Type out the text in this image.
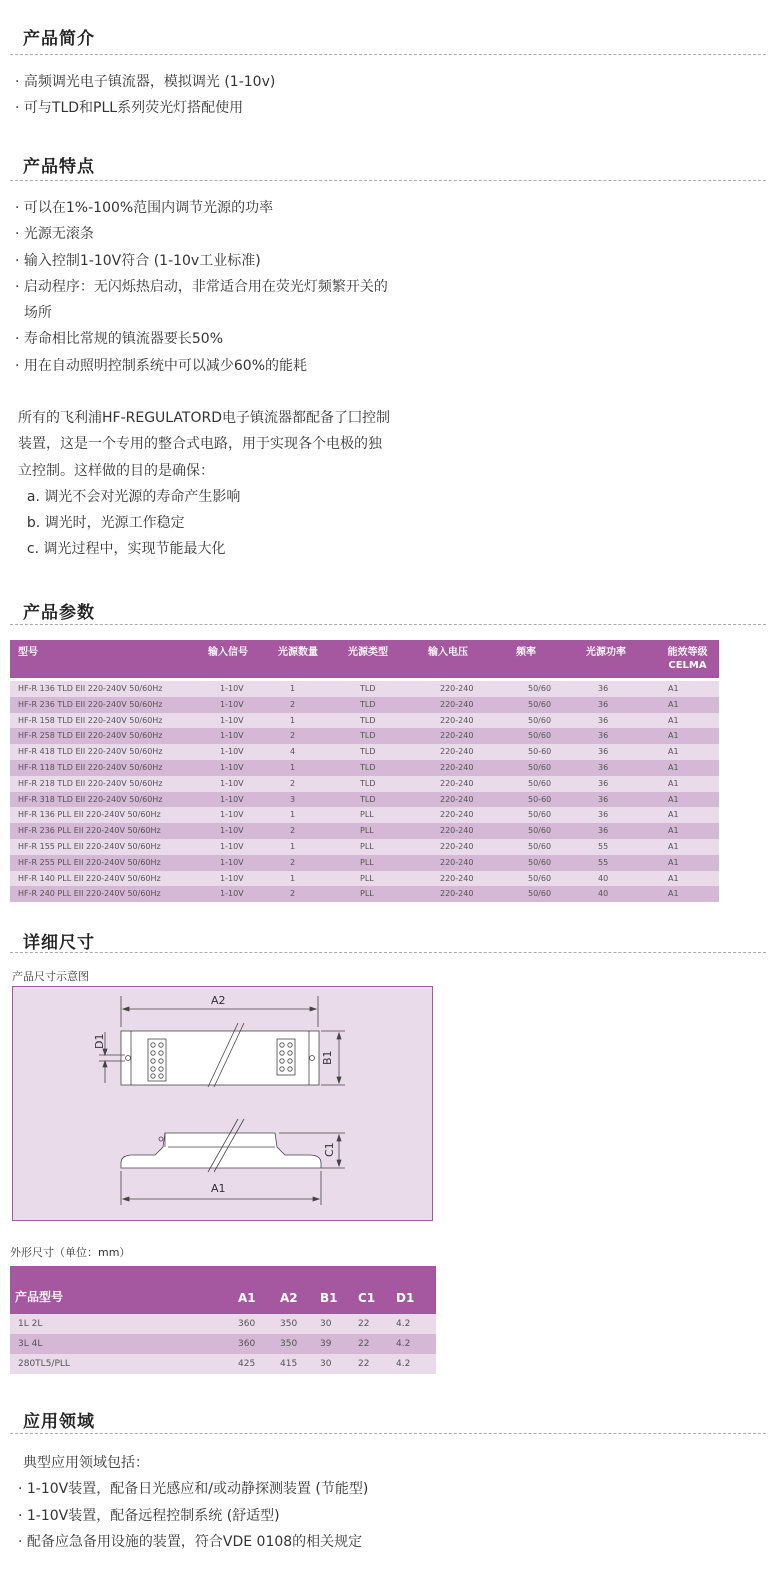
产品简介
· 高频调光电子镇流器，模拟调光 (1-10v)
· 可与TLD和PLL系列荧光灯搭配使用
产品特点
· 可以在1%-100%范围内调节光源的功率
· 光源无滚条
· 输入控制1-10V符合 (1-10v工业标准)
· 启动程序：无闪烁热启动，非常适合用在荧光灯频繁开关的
场所
· 寿命相比常规的镇流器要长50%
· 用在自动照明控制系统中可以减少60%的能耗
所有的飞利浦HF-REGULATORD电子镇流器都配备了囗控制
装置，这是一个专用的整合式电路，用于实现各个电极的独
立控制。这样做的目的是确保：
a. 调光不会对光源的寿命产生影响
b. 调光时，光源工作稳定
c. 调光过程中，实现节能最大化
产品参数
型号	输入信号	光源数量	光源类型	输入电压	频率	光源功率	能效等级
CELMA

HF-R 136 TLD EII 220-240V 50/60Hz	1-10V	1	TLD	220-240	50/60	36	A1
HF-R 236 TLD EII 220-240V 50/60Hz	1-10V	2	TLD	220-240	50/60	36	A1
HF-R 158 TLD EII 220-240V 50/60Hz	1-10V	1	TLD	220-240	50/60	36	A1
HF-R 258 TLD EII 220-240V 50/60Hz	1-10V	2	TLD	220-240	50/60	36	A1
HF-R 418 TLD EII 220-240V 50/60Hz	1-10V	4	TLD	220-240	50-60	36	A1
HF-R 118 TLD EII 220-240V 50/60Hz	1-10V	1	TLD	220-240	50/60	36	A1
HF-R 218 TLD EII 220-240V 50/60Hz	1-10V	2	TLD	220-240	50/60	36	A1
HF-R 318 TLD EII 220-240V 50/60Hz	1-10V	3	TLD	220-240	50-60	36	A1
HF-R 136 PLL EII 220-240V 50/60Hz	1-10V	1	PLL	220-240	50/60	36	A1
HF-R 236 PLL EII 220-240V 50/60Hz	1-10V	2	PLL	220-240	50/60	36	A1
HF-R 155 PLL EII 220-240V 50/60Hz	1-10V	1	PLL	220-240	50/60	55	A1
HF-R 255 PLL EII 220-240V 50/60Hz	1-10V	2	PLL	220-240	50/60	55	A1
HF-R 140 PLL EII 220-240V 50/60Hz	1-10V	1	PLL	220-240	50/60	40	A1
HF-R 240 PLL EII 220-240V 50/60Hz	1-10V	2	PLL	220-240	50/60	40	A1
详细尺寸
产品尺寸示意图
A2
D1
B1
C1
A1
外形尺寸（单位：mm）
产品型号	A1	A2	B1	C1	D1
1L 2L	360	350	30	22	4.2
3L 4L	360	350	39	22	4.2
280TL5/PLL	425	415	30	22	4.2
应用领域
典型应用领域包括：
· 1-10V装置，配备日光感应和/或动静探测装置 (节能型)
· 1-10V装置，配备远程控制系统 (舒适型)
· 配备应急备用设施的装置，符合VDE 0108的相关规定
